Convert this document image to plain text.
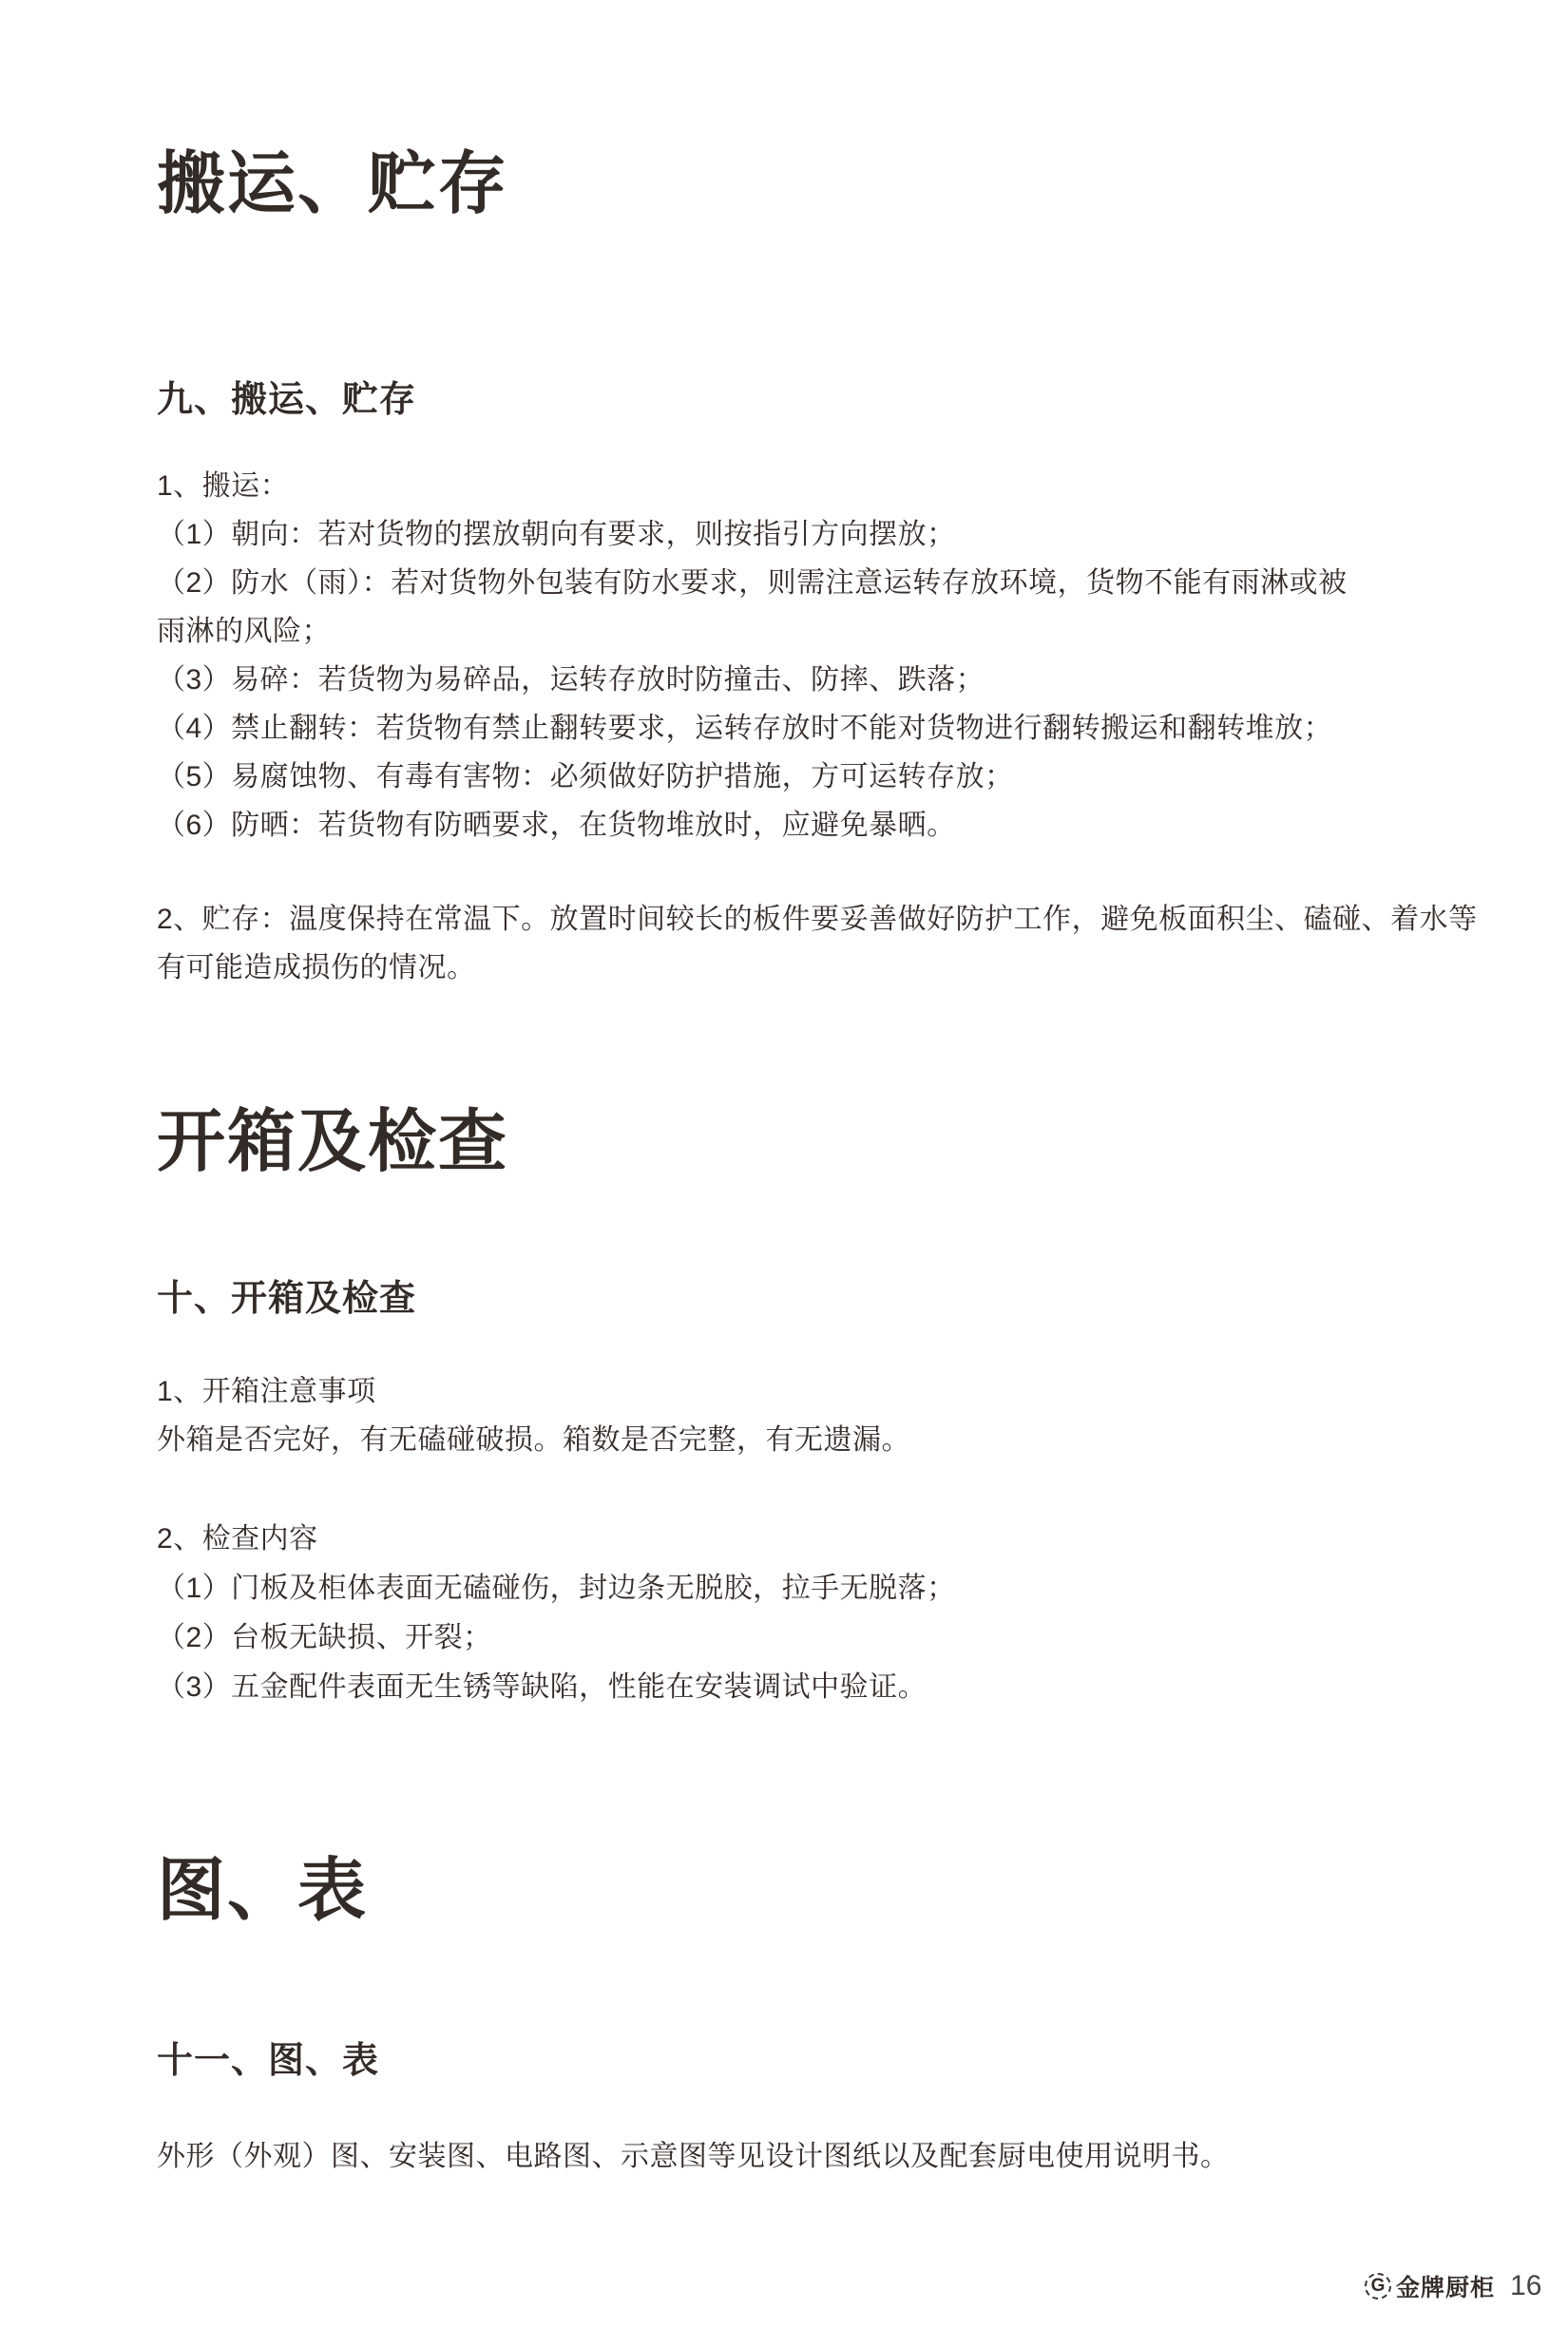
搬运、贮存
九、搬运、贮存
1、搬运：
（1）朝向：若对货物的摆放朝向有要求，则按指引方向摆放；
（2）防水（雨）：若对货物外包装有防水要求，则需注意运转存放环境，货物不能有雨淋或被
雨淋的风险；
（3）易碎：若货物为易碎品，运转存放时防撞击、防摔、跌落；
（4）禁止翻转：若货物有禁止翻转要求，运转存放时不能对货物进行翻转搬运和翻转堆放；
（5）易腐蚀物、有毒有害物：必须做好防护措施，方可运转存放；
（6）防晒：若货物有防晒要求，在货物堆放时，应避免暴晒。
2、贮存：温度保持在常温下。放置时间较长的板件要妥善做好防护工作，避免板面积尘、磕碰、着水等
有可能造成损伤的情况。
开箱及检查
十、开箱及检查
1、开箱注意事项
外箱是否完好，有无磕碰破损。箱数是否完整，有无遗漏。
2、检查内容
（1）门板及柜体表面无磕碰伤，封边条无脱胶，拉手无脱落；
（2）台板无缺损、开裂；
（3）五金配件表面无生锈等缺陷，性能在安装调试中验证。
图、表
十一、图、表
外形（外观）图、安装图、电路图、示意图等见设计图纸以及配套厨电使用说明书。
G 金牌厨柜 16
